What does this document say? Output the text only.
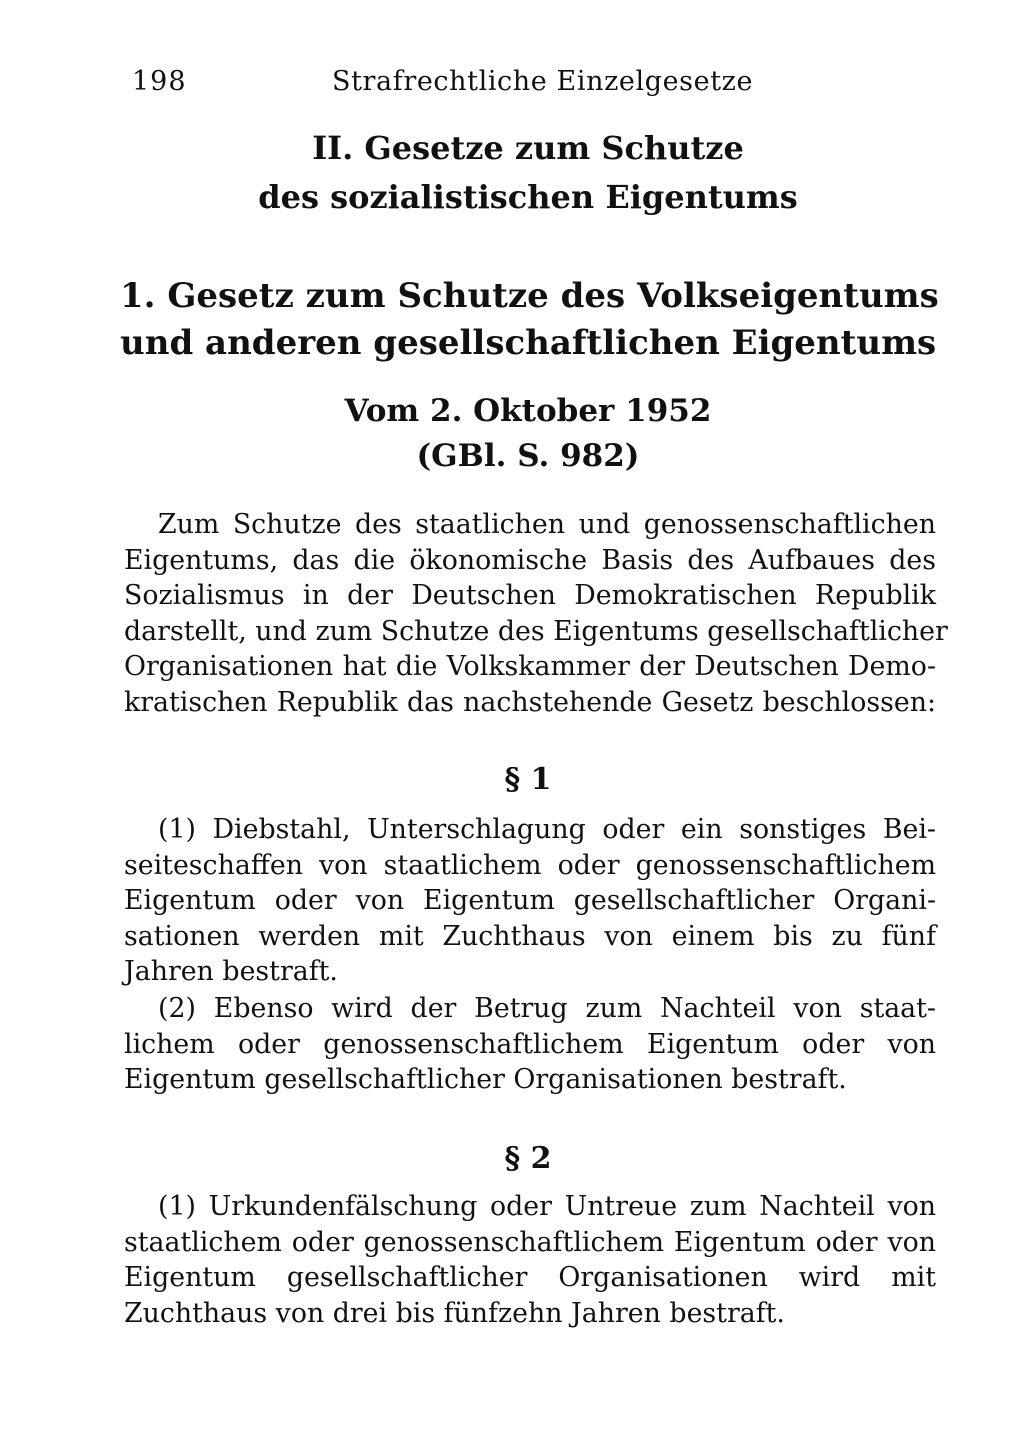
198	Strafrechtliche Einzelgesetze
II. Gesetze zum Schutze
des sozialistischen Eigentums
1. Gesetz zum Schutze des Volkseigentums
und anderen gesellschaftlichen Eigentums
Vom 2. Oktober 1952
(GBl. S. 982)
Zum Schutze des staatlichen und genossenschaftlichen
Eigentums, das die ökonomische Basis des Aufbaues des
Sozialismus in der Deutschen Demokratischen Republik
darstellt, und zum Schutze des Eigentums gesellschaftlicher
Organisationen hat die Volkskammer der Deutschen Demo-
kratischen Republik das nachstehende Gesetz beschlossen:
§ 1
(1) Diebstahl, Unterschlagung oder ein sonstiges Bei-
seiteschaffen von staatlichem oder genossenschaftlichem
Eigentum oder von Eigentum gesellschaftlicher Organi-
sationen werden mit Zuchthaus von einem bis zu fünf
Jahren bestraft.
(2) Ebenso wird der Betrug zum Nachteil von staat-
lichem oder genossenschaftlichem Eigentum oder von
Eigentum gesellschaftlicher Organisationen bestraft.
§ 2
(1) Urkundenfälschung oder Untreue zum Nachteil von
staatlichem oder genossenschaftlichem Eigentum oder von
Eigentum gesellschaftlicher Organisationen wird mit
Zuchthaus von drei bis fünfzehn Jahren bestraft.
